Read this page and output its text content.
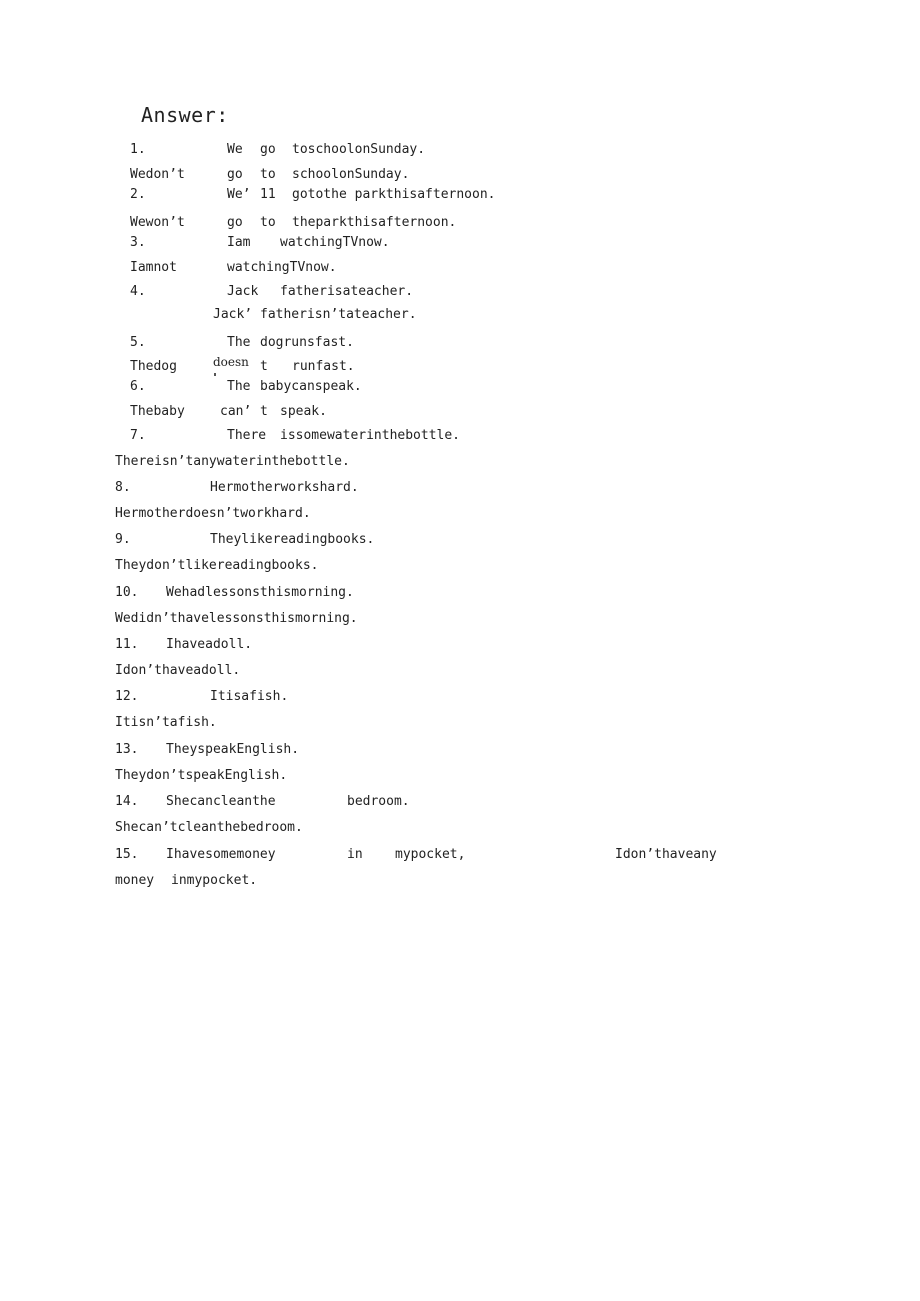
Answer:
1.	We go toschoolonSunday.
Wedon’t	go to schoolonSunday.
2.	We’ 11 gotothe parkthisafternoon.
Wewon’t	go to theparkthisafternoon.
3.	Iam watchingTVnow.
Iamnot	watchingTVnow.
4.	Jack fatherisateacher.
Jack’ fatherisn’tateacher.
5.	The dogrunsfast.
Thedog	doesn t runfast.
6.	The babycanspeak.
Thebaby	can’ t speak.
7.	There issomewaterinthebottle.
Thereisn’tanywaterinthebottle.
8.	Hermotherworkshard.
Hermotherdoesn’tworkhard.
9.	Theylikereadingbooks.
Theydon’tlikereadingbooks.
10. Wehadlessonsthismorning.
Wedidn’thavelessonsthismorning.
11. Ihaveadoll.
Idon’thaveadoll.
12.	Itisafish.
Itisn’tafish.
13. TheyspeakEnglish.
Theydon’tspeakEnglish.
14. Shecancleanthe	bedroom.
Shecan’tcleanthebedroom.
15. Ihavesomemoney	in mypocket,	Idon’thaveany
money inmypocket.
